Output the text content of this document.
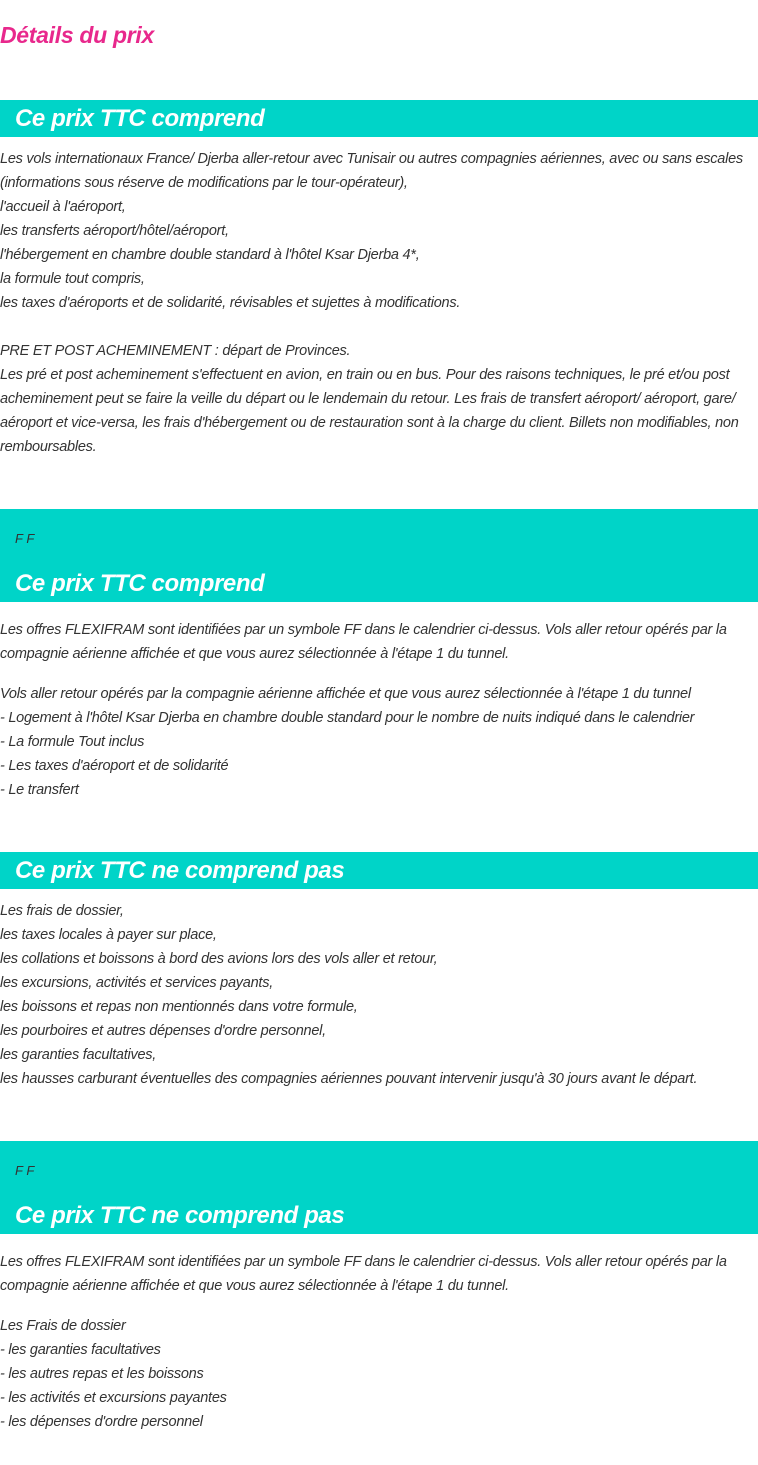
Détails du prix
Ce prix TTC comprend
Les vols internationaux France/ Djerba aller-retour avec Tunisair ou autres compagnies aériennes, avec ou sans escales
(informations sous réserve de modifications par le tour-opérateur),
l'accueil à l'aéroport,
les transferts aéroport/hôtel/aéroport,
l'hébergement en chambre double standard à l'hôtel Ksar Djerba 4*,
la formule tout compris,
les taxes d'aéroports et de solidarité, révisables et sujettes à modifications.
PRE ET POST ACHEMINEMENT : départ de Provinces.
Les pré et post acheminement s'effectuent en avion, en train ou en bus. Pour des raisons techniques, le pré et/ou post
acheminement peut se faire la veille du départ ou le lendemain du retour. Les frais de transfert aéroport/ aéroport, gare/
aéroport et vice-versa, les frais d'hébergement ou de restauration sont à la charge du client. Billets non modifiables, non
remboursables.

F F

Ce prix TTC comprend
Les offres FLEXIFRAM sont identifiées par un symbole FF dans le calendrier ci-dessus. Vols aller retour opérés par la
compagnie aérienne affichée et que vous aurez sélectionnée à l'étape 1 du tunnel.
Vols aller retour opérés par la compagnie aérienne affichée et que vous aurez sélectionnée à l'étape 1 du tunnel
- Logement à l'hôtel Ksar Djerba en chambre double standard pour le nombre de nuits indiqué dans le calendrier
- La formule Tout inclus
- Les taxes d'aéroport et de solidarité
- Le transfert
Ce prix TTC ne comprend pas
Les frais de dossier,
les taxes locales à payer sur place,
les collations et boissons à bord des avions lors des vols aller et retour,
les excursions, activités et services payants,
les boissons et repas non mentionnés dans votre formule,
les pourboires et autres dépenses d'ordre personnel,
les garanties facultatives,
les hausses carburant éventuelles des compagnies aériennes pouvant intervenir jusqu'à 30 jours avant le départ.

F F

Ce prix TTC ne comprend pas
Les offres FLEXIFRAM sont identifiées par un symbole FF dans le calendrier ci-dessus. Vols aller retour opérés par la
compagnie aérienne affichée et que vous aurez sélectionnée à l'étape 1 du tunnel.
Les Frais de dossier
- les garanties facultatives
- les autres repas et les boissons
- les activités et excursions payantes
- les dépenses d'ordre personnel
